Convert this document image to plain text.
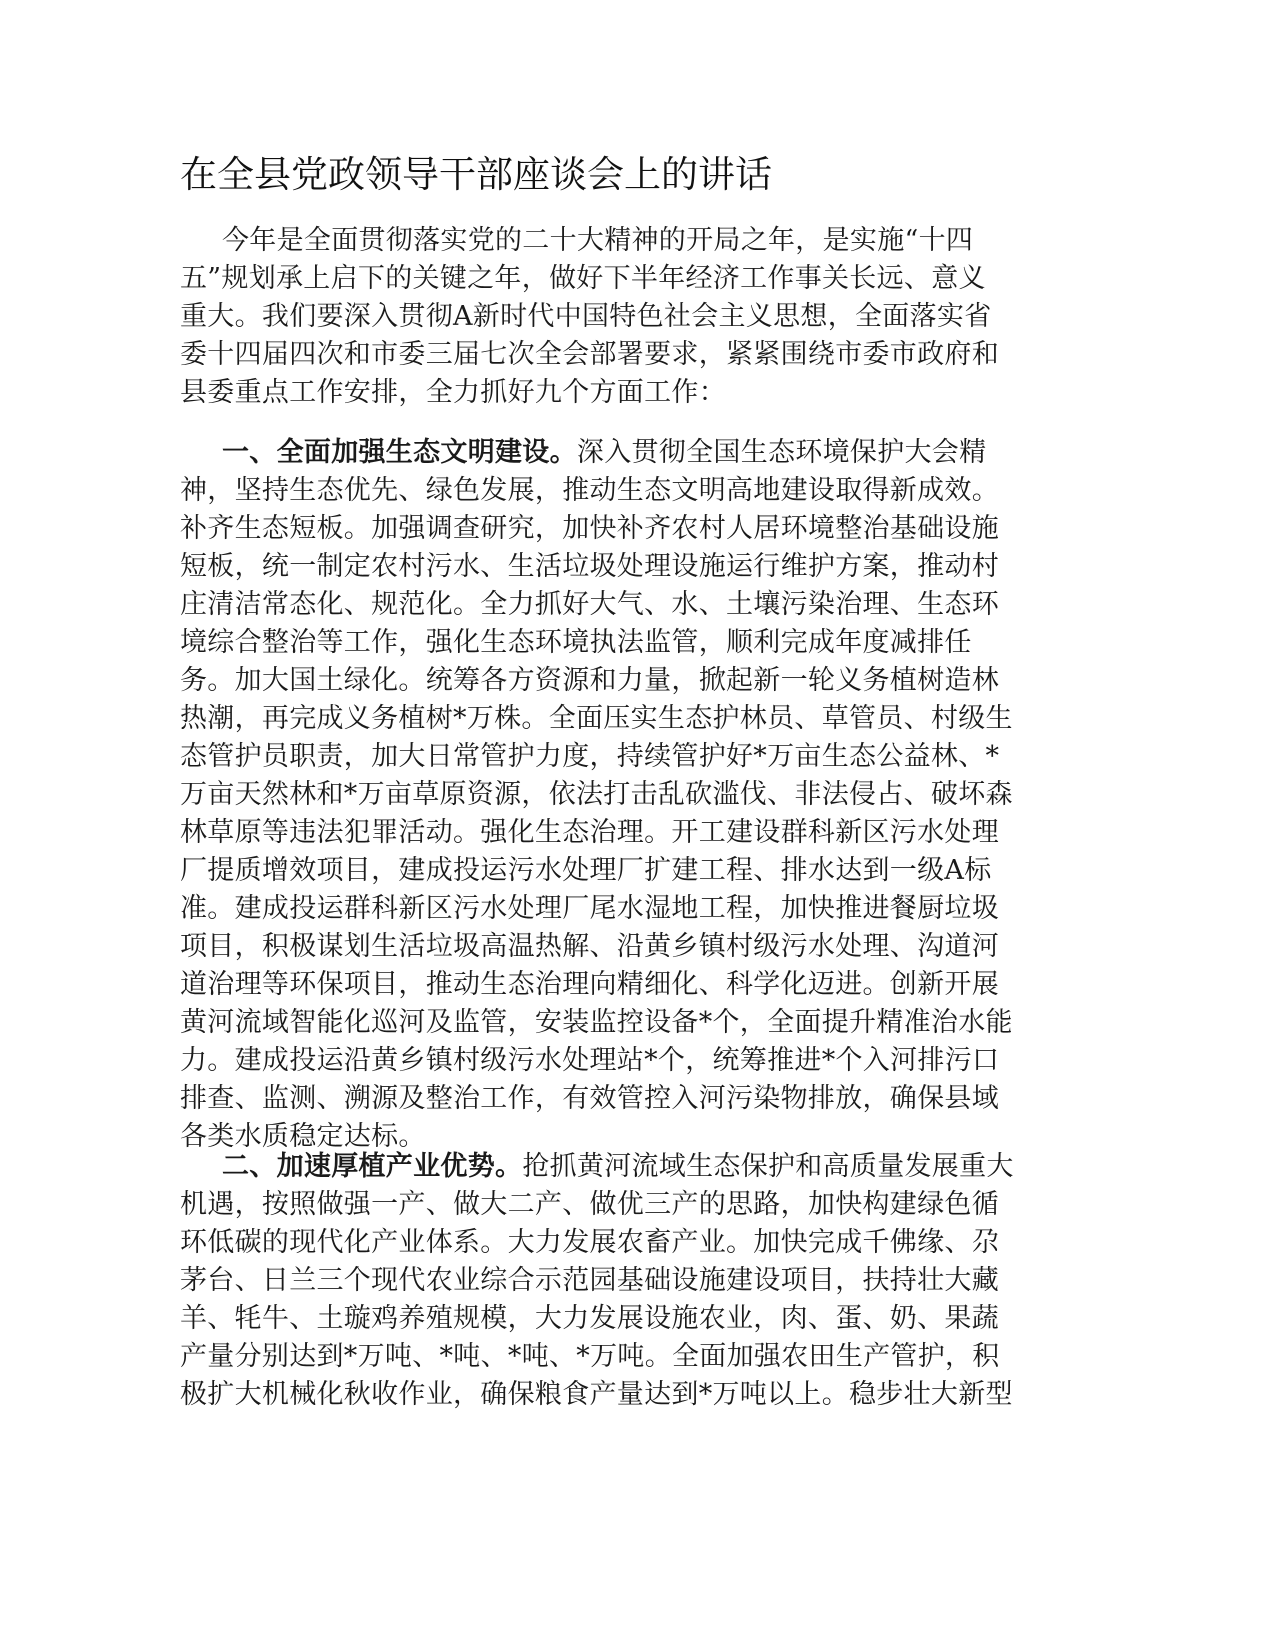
在全县党政领导干部座谈会上的讲话
今年是全面贯彻落实党的二十大精神的开局之年，是实施“十四
五”规划承上启下的关键之年，做好下半年经济工作事关长远、意义
重大。我们要深入贯彻A新时代中国特色社会主义思想，全面落实省
委十四届四次和市委三届七次全会部署要求，紧紧围绕市委市政府和
县委重点工作安排，全力抓好九个方面工作：
一、全面加强生态文明建设。深入贯彻全国生态环境保护大会精
神，坚持生态优先、绿色发展，推动生态文明高地建设取得新成效。
补齐生态短板。加强调查研究，加快补齐农村人居环境整治基础设施
短板，统一制定农村污水、生活垃圾处理设施运行维护方案，推动村
庄清洁常态化、规范化。全力抓好大气、水、土壤污染治理、生态环
境综合整治等工作，强化生态环境执法监管，顺利完成年度减排任
务。加大国土绿化。统筹各方资源和力量，掀起新一轮义务植树造林
热潮，再完成义务植树*万株。全面压实生态护林员、草管员、村级生
态管护员职责，加大日常管护力度，持续管护好*万亩生态公益林、*
万亩天然林和*万亩草原资源，依法打击乱砍滥伐、非法侵占、破坏森
林草原等违法犯罪活动。强化生态治理。开工建设群科新区污水处理
厂提质增效项目，建成投运污水处理厂扩建工程、排水达到一级A标
准。建成投运群科新区污水处理厂尾水湿地工程，加快推进餐厨垃圾
项目，积极谋划生活垃圾高温热解、沿黄乡镇村级污水处理、沟道河
道治理等环保项目，推动生态治理向精细化、科学化迈进。创新开展
黄河流域智能化巡河及监管，安装监控设备*个，全面提升精准治水能
力。建成投运沿黄乡镇村级污水处理站*个，统筹推进*个入河排污口
排查、监测、溯源及整治工作，有效管控入河污染物排放，确保县域
各类水质稳定达标。
二、加速厚植产业优势。抢抓黄河流域生态保护和高质量发展重大
机遇，按照做强一产、做大二产、做优三产的思路，加快构建绿色循
环低碳的现代化产业体系。大力发展农畜产业。加快完成千佛缘、尕
茅台、日兰三个现代农业综合示范园基础设施建设项目，扶持壮大藏
羊、牦牛、土璇鸡养殖规模，大力发展设施农业，肉、蛋、奶、果蔬
产量分别达到*万吨、*吨、*吨、*万吨。全面加强农田生产管护，积
极扩大机械化秋收作业，确保粮食产量达到*万吨以上。稳步壮大新型
